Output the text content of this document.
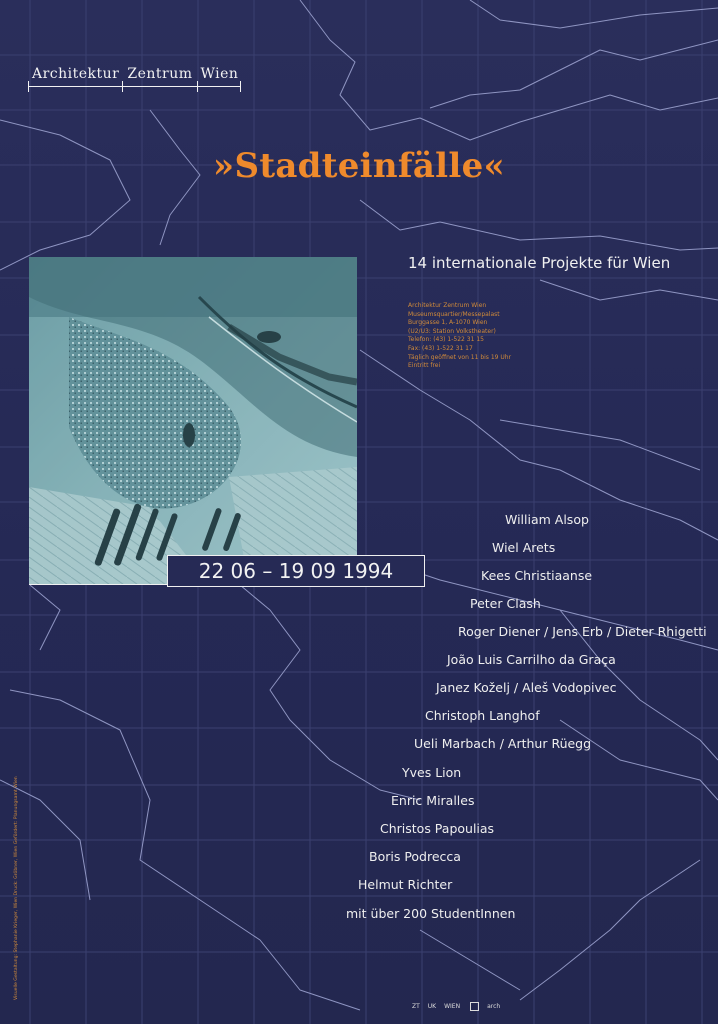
Architektur Zentrum Wien
»Stadteinfälle«
22 06 – 19 09 1994
14 internationale Projekte für Wien
Architektur Zentrum Wien
Museumsquartier/Messepalast
Burggasse 1, A-1070 Wien
(U2/U3: Station Volkstheater)
Telefon: (43) 1-522 31 15
Fax: (43) 1-522 31 17
Täglich geöffnet von 11 bis 19 Uhr
Eintritt frei
William Alsop
Wiel Arets
Kees Christiaanse
Peter Clash
Roger Diener / Jens Erb / Dieter Rhigetti
João Luis Carrilho da Graça
Janez Koželj / Aleš Vodopivec
Christoph Langhof
Ueli Marbach / Arthur Rüegg
Yves Lion
Enric Miralles
Christos Papoulias
Boris Podrecca
Helmut Richter
mit über 200 StudentInnen
Visuelle Gestaltung: Stephanie Krieger, Wien Druck: Gröbner, Wien Gefördert: Planungsamt Wien
ZT UK WIEN	arch
